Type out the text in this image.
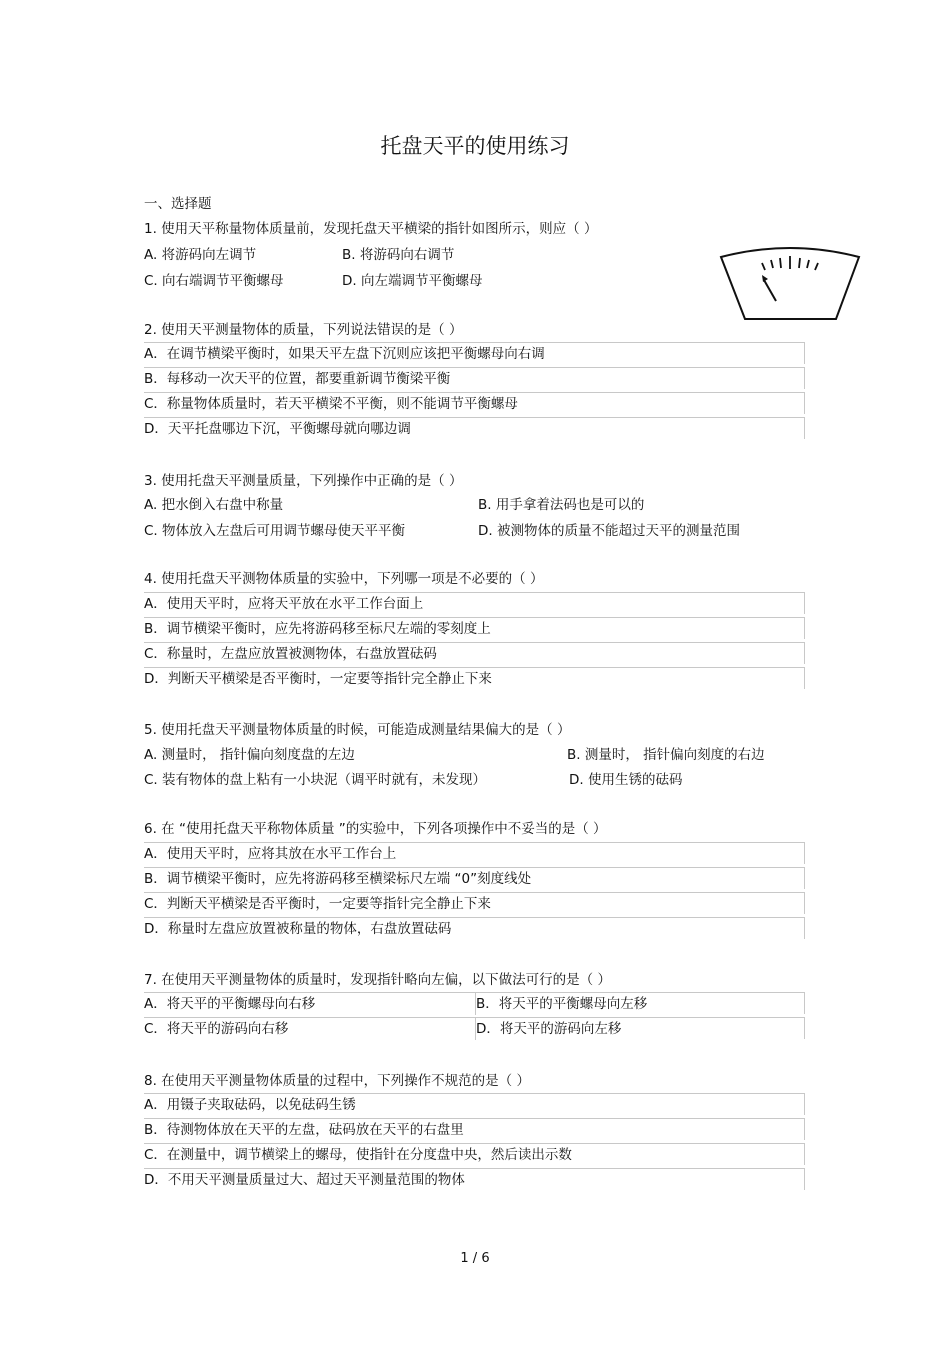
托盘天平的使用练习
一、选择题
1. 使用天平称量物体质量前，发现托盘天平横梁的指针如图所示，则应（ ）
A. 将游码向左调节	B. 将游码向右调节
C. 向右端调节平衡螺母	D. 向左端调节平衡螺母
2. 使用天平测量物体的质量，下列说法错误的是（ ）
A．在调节横梁平衡时，如果天平左盘下沉则应该把平衡螺母向右调
B．每移动一次天平的位置，都要重新调节衡梁平衡
C．称量物体质量时，若天平横梁不平衡，则不能调节平衡螺母
D．天平托盘哪边下沉，平衡螺母就向哪边调
3. 使用托盘天平测量质量，下列操作中正确的是（ ）
A. 把水倒入右盘中称量	B. 用手拿着法码也是可以的
C. 物体放入左盘后可用调节螺母使天平平衡	D. 被测物体的质量不能超过天平的测量范围
4. 使用托盘天平测物体质量的实验中，下列哪一项是不必要的（ ）
A．使用天平时，应将天平放在水平工作台面上
B．调节横梁平衡时，应先将游码移至标尺左端的零刻度上
C．称量时，左盘应放置被测物体，右盘放置砝码
D．判断天平横梁是否平衡时，一定要等指针完全静止下来
5. 使用托盘天平测量物体质量的时候，可能造成测量结果偏大的是（ ）
A. 测量时， 指针偏向刻度盘的左边	B. 测量时， 指针偏向刻度的右边
C. 装有物体的盘上粘有一小块泥（调平时就有，未发现）	D. 使用生锈的砝码
6. 在 “使用托盘天平称物体质量 ”的实验中，下列各项操作中不妥当的是（ ）
A．使用天平时，应将其放在水平工作台上
B．调节横梁平衡时，应先将游码移至横梁标尺左端 “0”刻度线处
C．判断天平横梁是否平衡时，一定要等指针完全静止下来
D．称量时左盘应放置被称量的物体，右盘放置砝码
7. 在使用天平测量物体的质量时，发现指针略向左偏，以下做法可行的是（ ）
A．将天平的平衡螺母向右移	B．将天平的平衡螺母向左移
C．将天平的游码向右移	D．将天平的游码向左移
8. 在使用天平测量物体质量的过程中，下列操作不规范的是（ ）
A．用镊子夹取砝码，以免砝码生锈
B．待测物体放在天平的左盘，砝码放在天平的右盘里
C．在测量中，调节横梁上的螺母，使指针在分度盘中央，然后读出示数
D．不用天平测量质量过大、超过天平测量范围的物体
1 / 6
